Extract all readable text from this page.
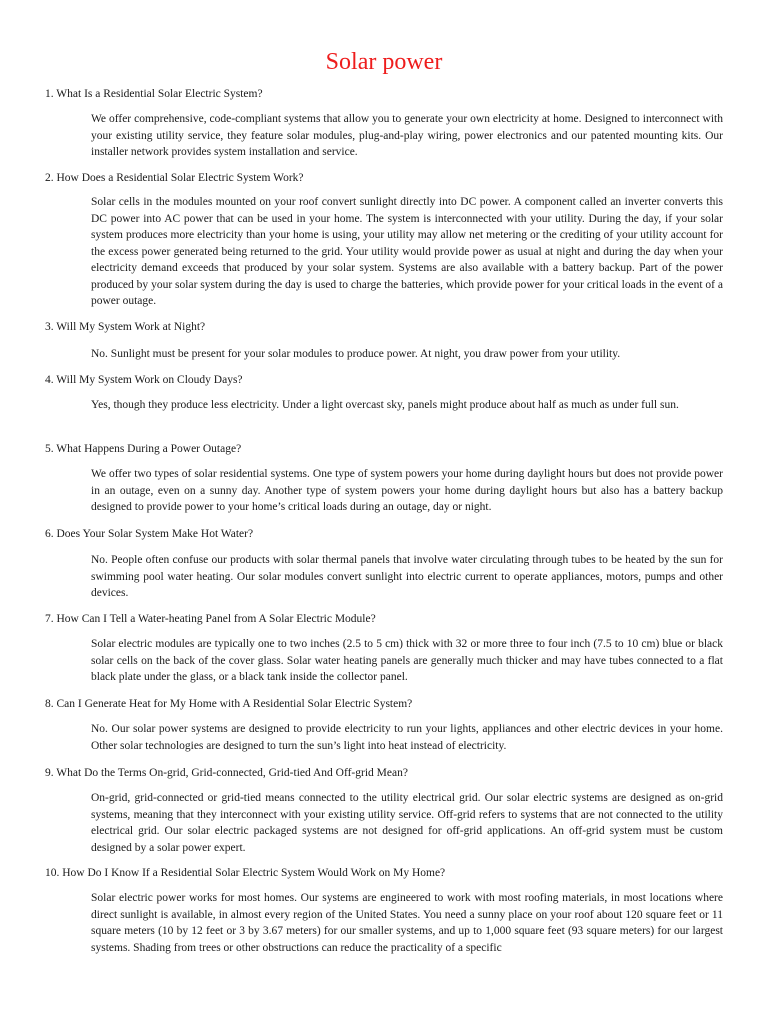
Solar power
1. What Is a Residential Solar Electric System?
We offer comprehensive, code-compliant systems that allow you to generate your own electricity at home. Designed to interconnect with your existing utility service, they feature solar modules, plug-and-play wiring, power electronics and our patented mounting kits. Our installer network provides system installation and service.
2. How Does a Residential Solar Electric System Work?
Solar cells in the modules mounted on your roof convert sunlight directly into DC power. A component called an inverter converts this DC power into AC power that can be used in your home. The system is interconnected with your utility. During the day, if your solar system produces more electricity than your home is using, your utility may allow net metering or the crediting of your utility account for the excess power generated being returned to the grid. Your utility would provide power as usual at night and during the day when your electricity demand exceeds that produced by your solar system. Systems are also available with a battery backup. Part of the power produced by your solar system during the day is used to charge the batteries, which provide power for your critical loads in the event of a power outage.
3. Will My System Work at Night?
No. Sunlight must be present for your solar modules to produce power. At night, you draw power from your utility.
4. Will My System Work on Cloudy Days?
Yes, though they produce less electricity. Under a light overcast sky, panels might produce about half as much as under full sun.
5. What Happens During a Power Outage?
We offer two types of solar residential systems. One type of system powers your home during daylight hours but does not provide power in an outage, even on a sunny day. Another type of system powers your home during daylight hours but also has a battery backup designed to provide power to your home’s critical loads during an outage, day or night.
6. Does Your Solar System Make Hot Water?
No. People often confuse our products with solar thermal panels that involve water circulating through tubes to be heated by the sun for swimming pool water heating. Our solar modules convert sunlight into electric current to operate appliances, motors, pumps and other devices.
7. How Can I Tell a Water-heating Panel from A Solar Electric Module?
Solar electric modules are typically one to two inches (2.5 to 5 cm) thick with 32 or more three to four inch (7.5 to 10 cm) blue or black solar cells on the back of the cover glass. Solar water heating panels are generally much thicker and may have tubes connected to a flat black plate under the glass, or a black tank inside the collector panel.
8. Can I Generate Heat for My Home with A Residential Solar Electric System?
No. Our solar power systems are designed to provide electricity to run your lights, appliances and other electric devices in your home. Other solar technologies are designed to turn the sun’s light into heat instead of electricity.
9. What Do the Terms On-grid, Grid-connected, Grid-tied And Off-grid Mean?
On-grid, grid-connected or grid-tied means connected to the utility electrical grid. Our solar electric systems are designed as on-grid systems, meaning that they interconnect with your existing utility service. Off-grid refers to systems that are not connected to the utility electrical grid. Our solar electric packaged systems are not designed for off-grid applications. An off-grid system must be custom designed by a solar power expert.
10. How Do I Know If a Residential Solar Electric System Would Work on My Home?
Solar electric power works for most homes. Our systems are engineered to work with most roofing materials, in most locations where direct sunlight is available, in almost every region of the United States. You need a sunny place on your roof about 120 square feet or 11 square meters (10 by 12 feet or 3 by 3.67 meters) for our smaller systems, and up to 1,000 square feet (93 square meters) for our largest systems. Shading from trees or other obstructions can reduce the practicality of a specific
